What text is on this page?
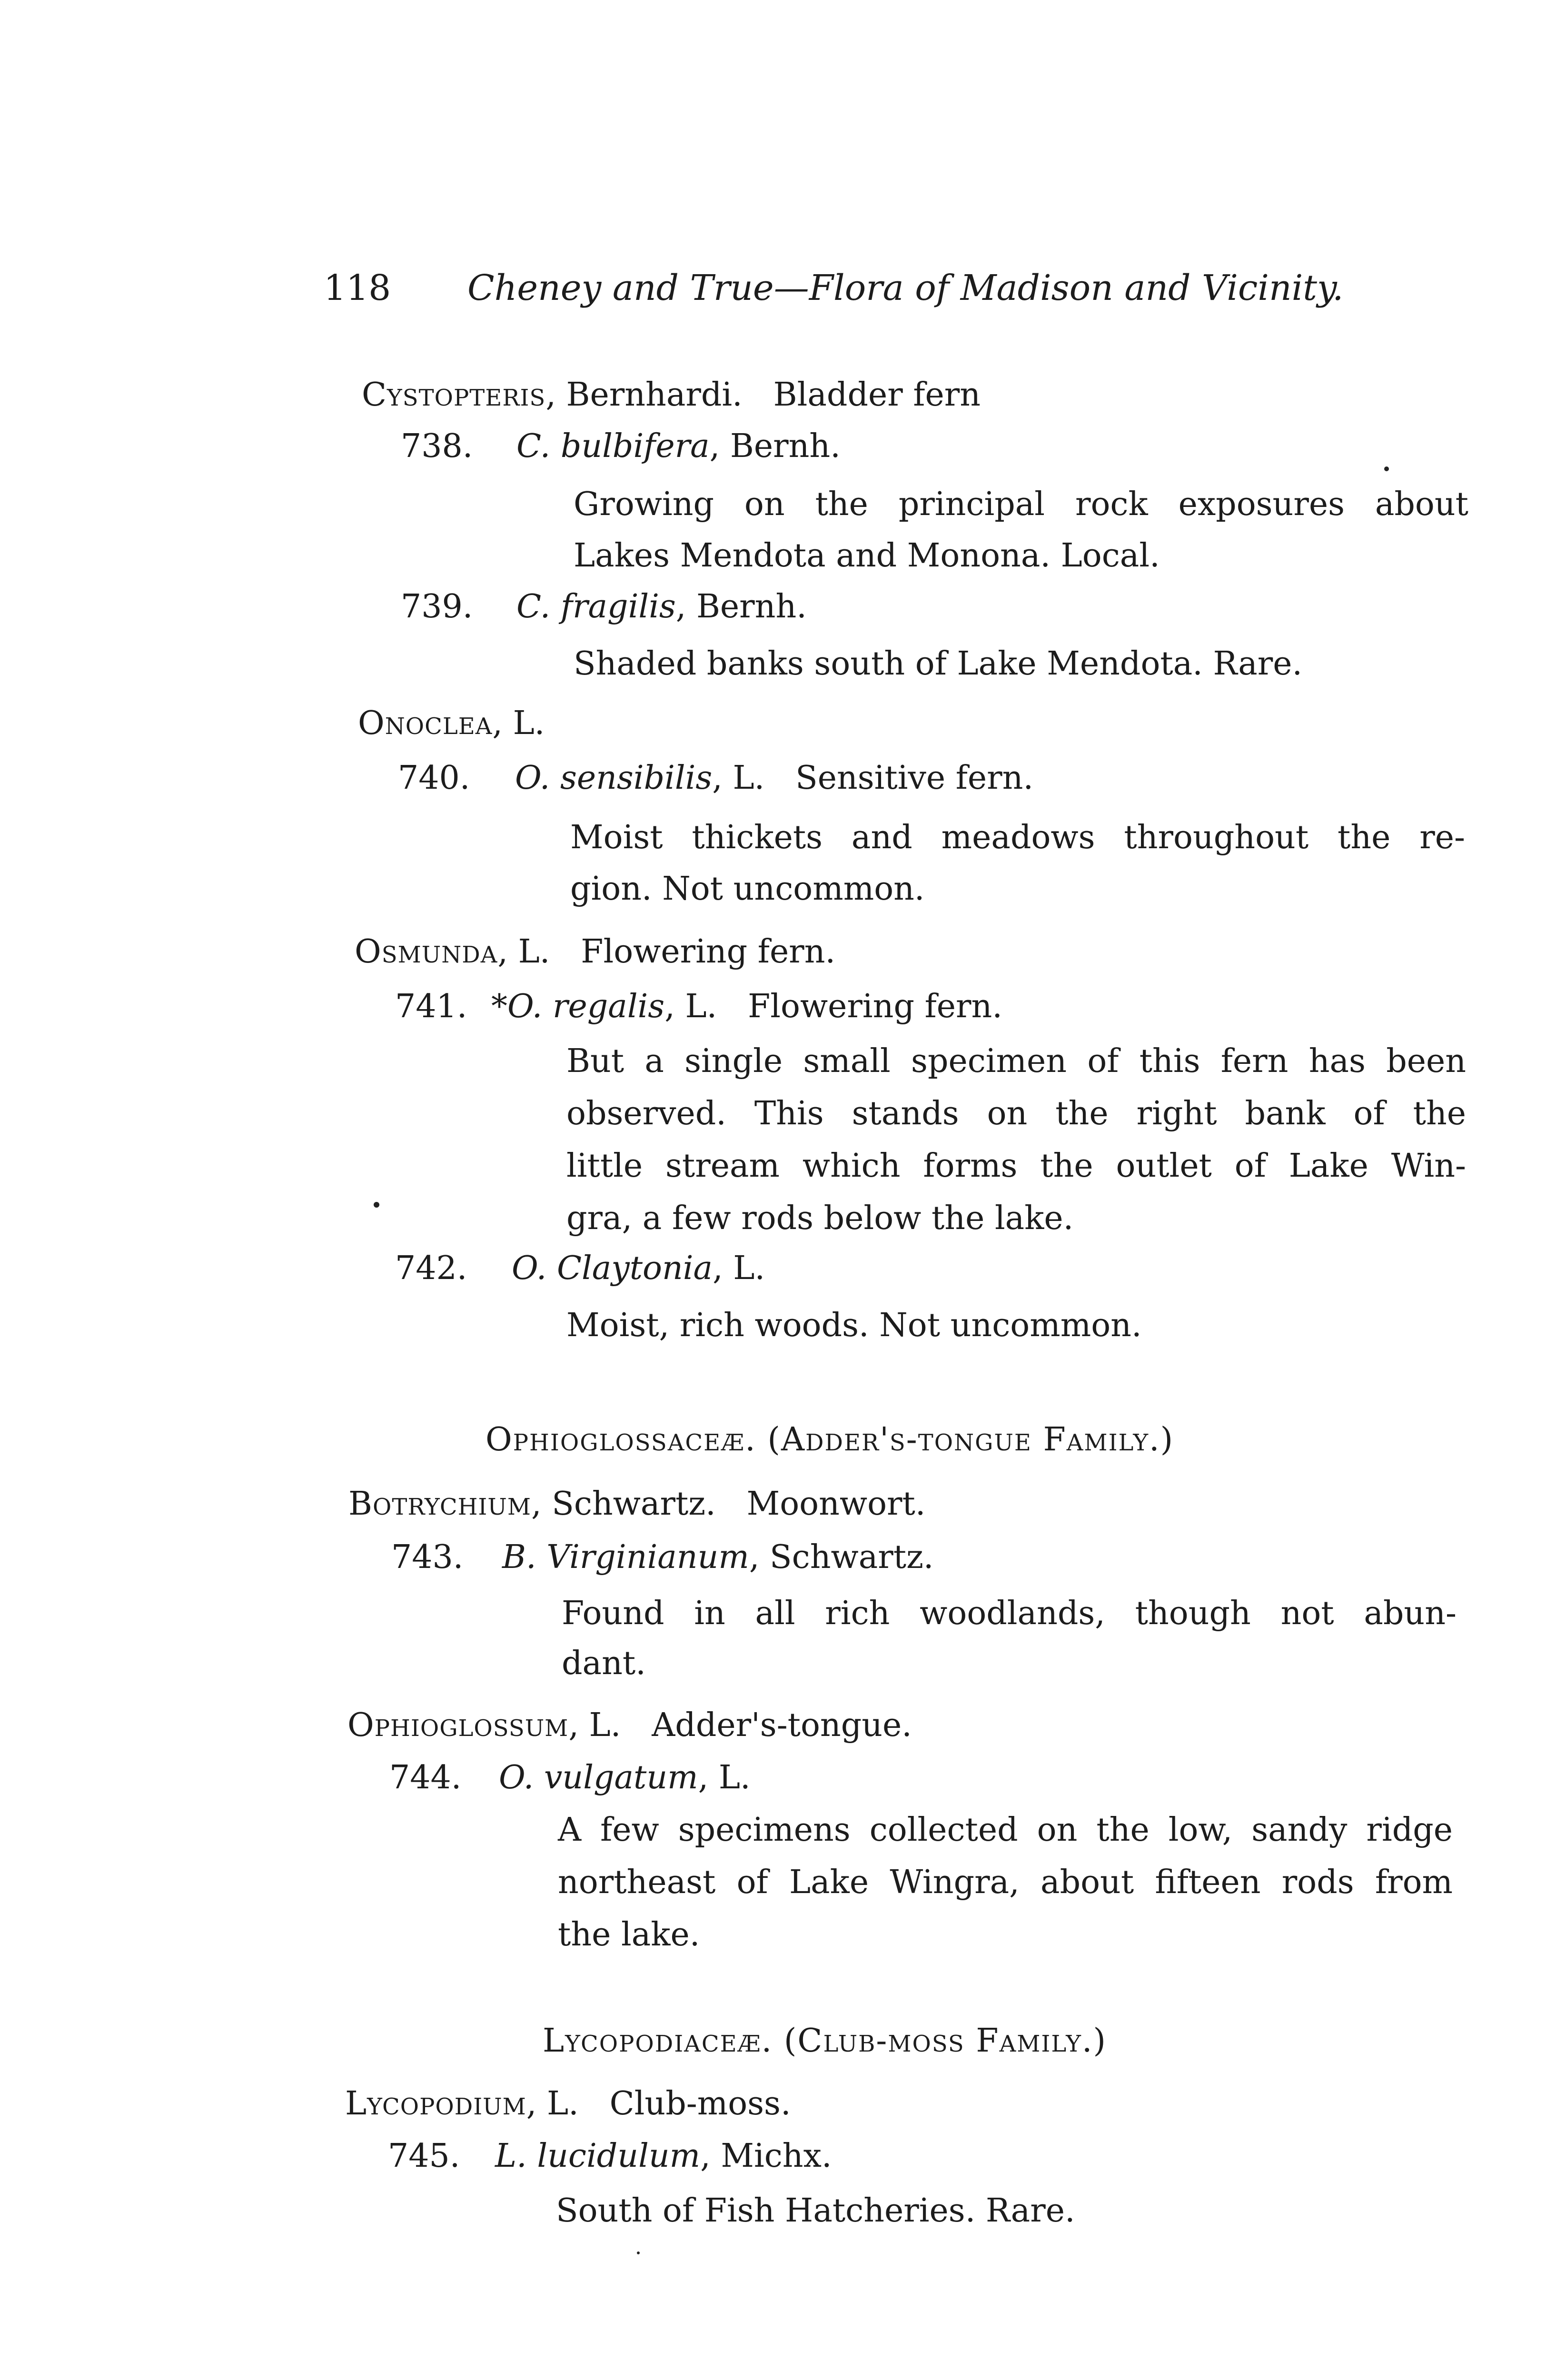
118 Cheney and True—Flora of Madison and Vicinity.
Cystopteris, Bernhardi. Bladder fern
738. C. bulbifera, Bernh.
Growing on the principal rock exposures about
Lakes Mendota and Monona. Local.
739. C. fragilis, Bernh.
Shaded banks south of Lake Mendota. Rare.
Onoclea, L.
740. O. sensibilis, L. Sensitive fern.
Moist thickets and meadows throughout the re-
gion. Not uncommon.
Osmunda, L. Flowering fern.
741. *O. regalis, L. Flowering fern.
But a single small specimen of this fern has been
observed. This stands on the right bank of the
little stream which forms the outlet of Lake Win-
gra, a few rods below the lake.
742. O. Claytonia, L.
Moist, rich woods. Not uncommon.
Ophioglossaceæ. (Adder's-tongue Family.)
Botrychium, Schwartz. Moonwort.
743. B. Virginianum, Schwartz.
Found in all rich woodlands, though not abun-
dant.
Ophioglossum, L. Adder's-tongue.
744. O. vulgatum, L.
A few specimens collected on the low, sandy ridge
northeast of Lake Wingra, about fifteen rods from
the lake.
Lycopodiaceæ. (Club-moss Family.)
Lycopodium, L. Club-moss.
745. L. lucidulum, Michx.
South of Fish Hatcheries. Rare.
